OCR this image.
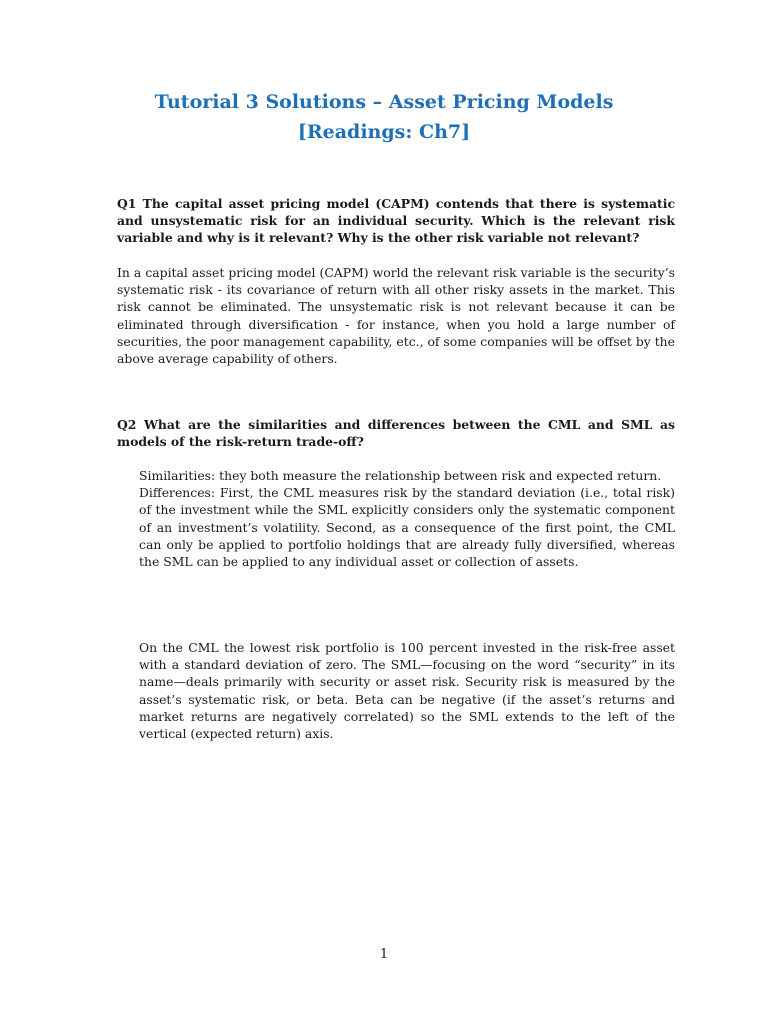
Tutorial 3 Solutions – Asset Pricing Models
[Readings: Ch7]

Q1 The capital asset pricing model (CAPM) contends that there is systematic and unsystematic risk for an individual security. Which is the relevant risk variable and why is it relevant? Why is the other risk variable not relevant?

In a capital asset pricing model (CAPM) world the relevant risk variable is the security’s systematic risk - its covariance of return with all other risky assets in the market. This risk cannot be eliminated. The unsystematic risk is not relevant because it can be eliminated through diversification - for instance, when you hold a large number of securities, the poor management capability, etc., of some companies will be offset by the above average capability of others.

Q2 What are the similarities and differences between the CML and SML as models of the risk-return trade-off?

Similarities: they both measure the relationship between risk and expected return.

Differences: First, the CML measures risk by the standard deviation (i.e., total risk) of the investment while the SML explicitly considers only the systematic component of an investment’s volatility. Second, as a consequence of the first point, the CML can only be applied to portfolio holdings that are already fully diversified, whereas the SML can be applied to any individual asset or collection of assets.

On the CML the lowest risk portfolio is 100 percent invested in the risk-free asset with a standard deviation of zero. The SML—focusing on the word “security” in its name—deals primarily with security or asset risk. Security risk is measured by the asset’s systematic risk, or beta. Beta can be negative (if the asset’s returns and market returns are negatively correlated) so the SML extends to the left of the vertical (expected return) axis.

1
